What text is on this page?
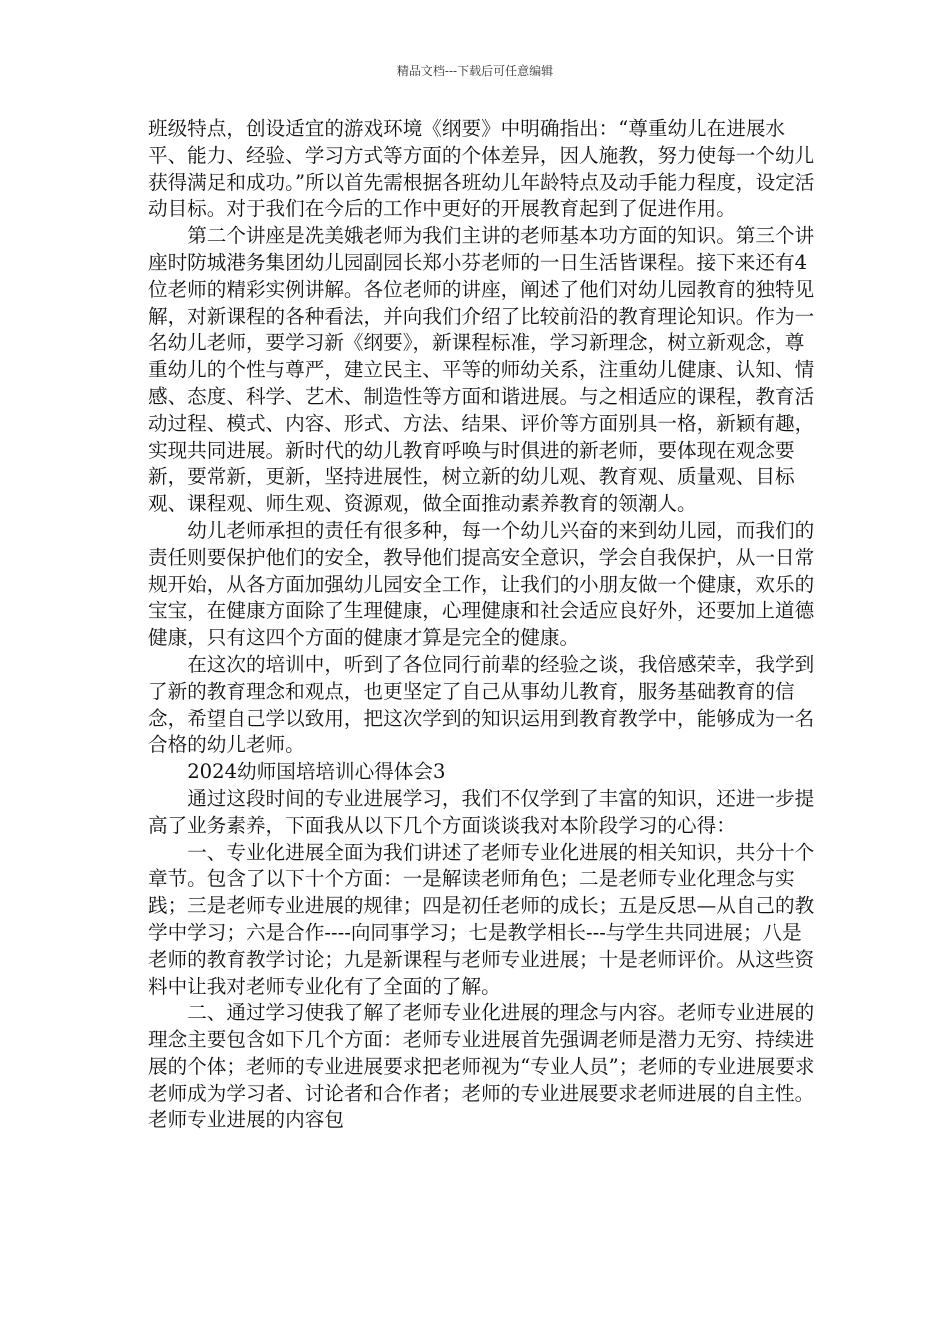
精品文档---下载后可任意编辑

班级特点，创设适宜的游戏环境《纲要》中明确指出：“尊重幼儿在进展水平、能力、经验、学习方式等方面的个体差异，因人施教，努力使每一个幼儿获得满足和成功。”所以首先需根据各班幼儿年龄特点及动手能力程度，设定活动目标。对于我们在今后的工作中更好的开展教育起到了促进作用。

第二个讲座是冼美娥老师为我们主讲的老师基本功方面的知识。第三个讲座时防城港务集团幼儿园副园长郑小芬老师的一日生活皆课程。接下来还有4位老师的精彩实例讲解。各位老师的讲座，阐述了他们对幼儿园教育的独特见解，对新课程的各种看法，并向我们介绍了比较前沿的教育理论知识。作为一名幼儿老师，要学习新《纲要》，新课程标准，学习新理念，树立新观念，尊重幼儿的个性与尊严，建立民主、平等的师幼关系，注重幼儿健康、认知、情感、态度、科学、艺术、制造性等方面和谐进展。与之相适应的课程，教育活动过程、模式、内容、形式、方法、结果、评价等方面别具一格，新颖有趣，实现共同进展。新时代的幼儿教育呼唤与时俱进的新老师，要体现在观念要新，要常新，更新，坚持进展性，树立新的幼儿观、教育观、质量观、目标观、课程观、师生观、资源观，做全面推动素养教育的领潮人。

幼儿老师承担的责任有很多种，每一个幼儿兴奋的来到幼儿园，而我们的责任则要保护他们的安全，教导他们提高安全意识，学会自我保护，从一日常规开始，从各方面加强幼儿园安全工作，让我们的小朋友做一个健康，欢乐的宝宝，在健康方面除了生理健康，心理健康和社会适应良好外，还要加上道德健康，只有这四个方面的健康才算是完全的健康。

在这次的培训中，听到了各位同行前辈的经验之谈，我倍感荣幸，我学到了新的教育理念和观点，也更坚定了自己从事幼儿教育，服务基础教育的信念，希望自己学以致用，把这次学到的知识运用到教育教学中，能够成为一名合格的幼儿老师。

2024幼师国培培训心得体会3

通过这段时间的专业进展学习，我们不仅学到了丰富的知识，还进一步提高了业务素养，下面我从以下几个方面谈谈我对本阶段学习的心得：

一、专业化进展全面为我们讲述了老师专业化进展的相关知识，共分十个章节。包含了以下十个方面：一是解读老师角色；二是老师专业化理念与实践；三是老师专业进展的规律；四是初任老师的成长；五是反思—从自己的教学中学习；六是合作----向同事学习；七是教学相长---与学生共同进展；八是老师的教育教学讨论；九是新课程与老师专业进展；十是老师评价。从这些资料中让我对老师专业化有了全面的了解。

二、通过学习使我了解了老师专业化进展的理念与内容。老师专业进展的理念主要包含如下几个方面：老师专业进展首先强调老师是潜力无穷、持续进展的个体；老师的专业进展要求把老师视为“专业人员”；老师的专业进展要求老师成为学习者、讨论者和合作者；老师的专业进展要求老师进展的自主性。老师专业进展的内容包
